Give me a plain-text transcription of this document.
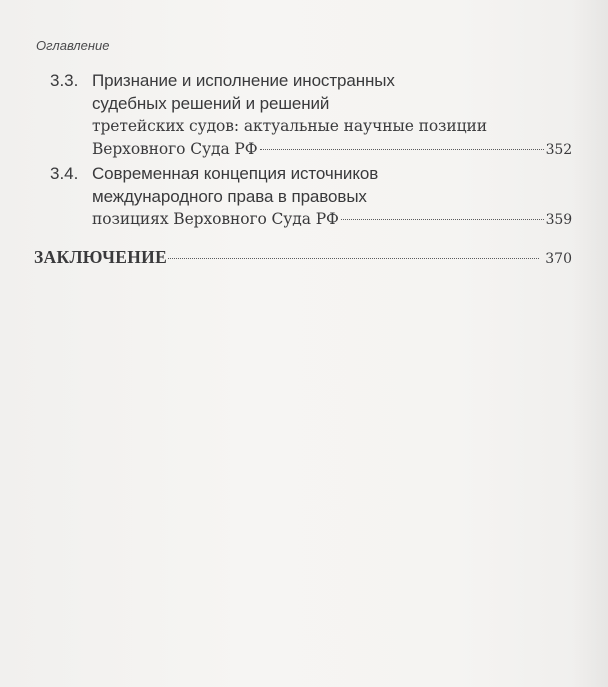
Оглавление
3.3. Признание и исполнение иностранных
судебных решений и решений
третейских судов: актуальные научные позиции
Верховного Суда РФ	352
3.4. Современная концепция источников
международного права в правовых
позициях Верховного Суда РФ	359
ЗАКЛЮЧЕНИЕ	370
